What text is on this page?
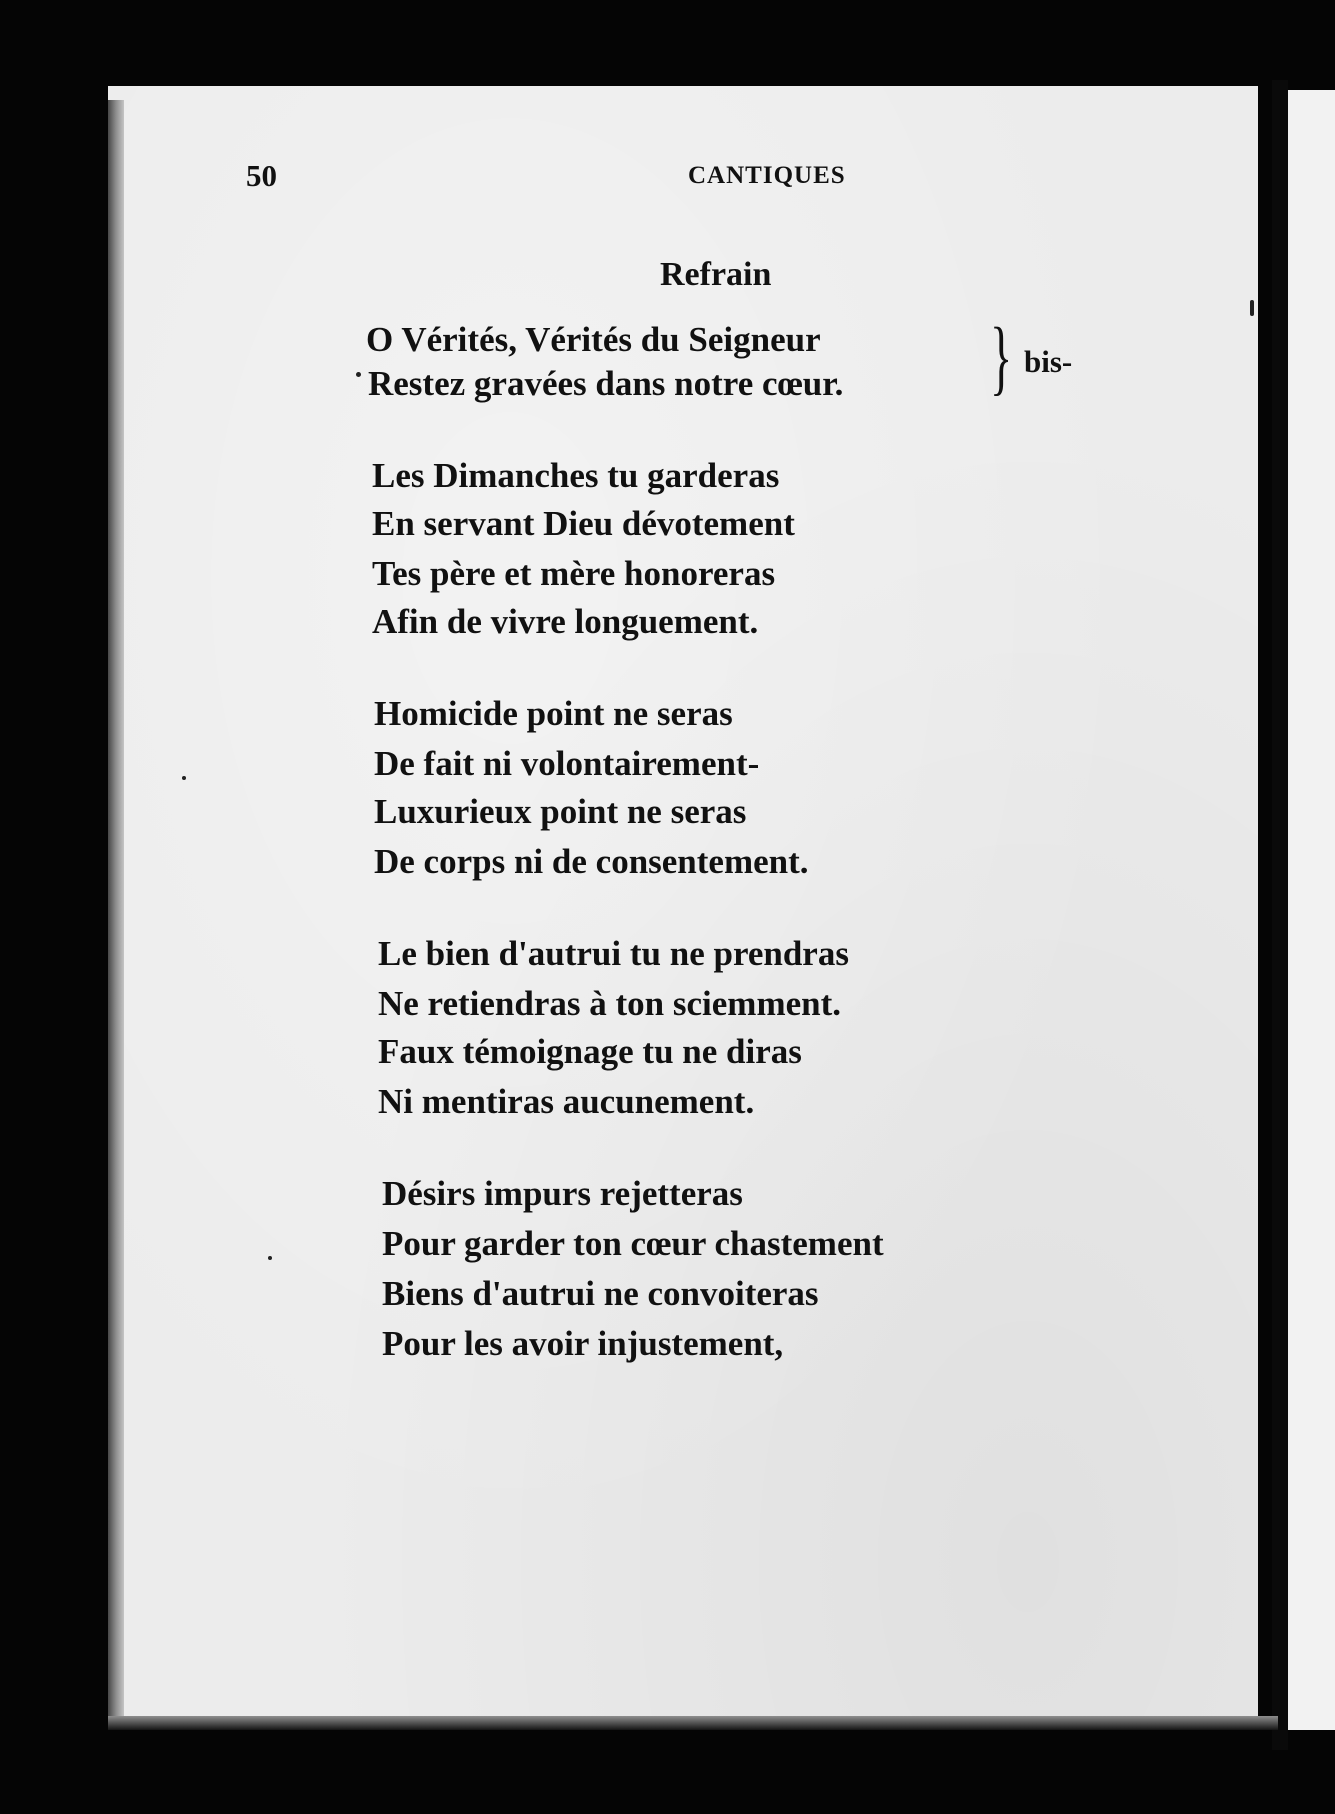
50	CANTIQUES
Refrain
O Vérités, Vérités du Seigneur
Restez gravées dans notre cœur. } bis-
Les Dimanches tu garderas
En servant Dieu dévotement
Tes père et mère honoreras
Afin de vivre longuement.
Homicide point ne seras
De fait ni volontairement-
Luxurieux point ne seras
De corps ni de consentement.
Le bien d'autrui tu ne prendras
Ne retiendras à ton sciemment.
Faux témoignage tu ne diras
Ni mentiras aucunement.
Désirs impurs rejetteras
Pour garder ton cœur chastement
Biens d'autrui ne convoiteras
Pour les avoir injustement,
